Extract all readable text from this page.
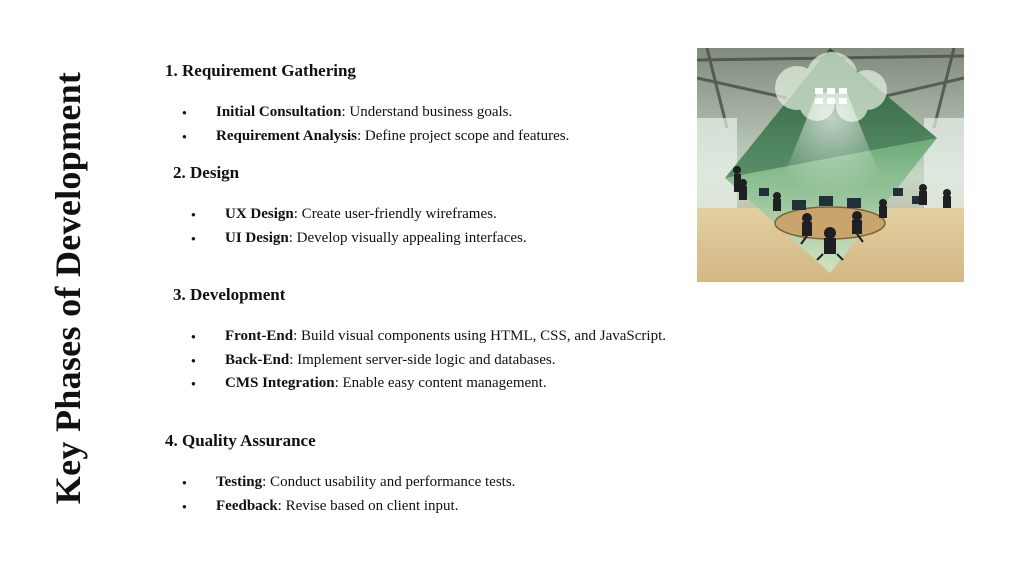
Key Phases of Development
1. Requirement Gathering
●
Initial Consultation: Understand business goals.
●
Requirement Analysis: Define project scope and features.
2. Design
●
UX Design: Create user-friendly wireframes.
●
UI Design: Develop visually appealing interfaces.
3. Development
●
Front-End: Build visual components using HTML, CSS, and JavaScript.
●
Back-End: Implement server-side logic and databases.
●
CMS Integration: Enable easy content management.
4. Quality Assurance
●
Testing: Conduct usability and performance tests.
●
Feedback: Revise based on client input.
